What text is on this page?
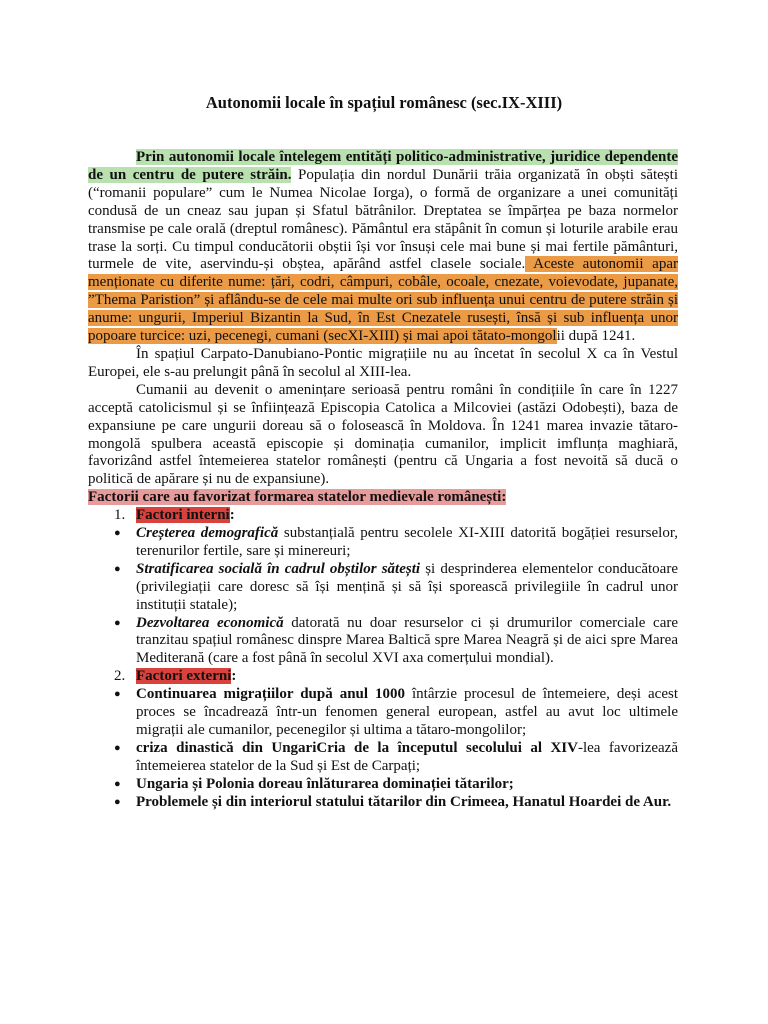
Autonomii locale în spațiul românesc (sec.IX-XIII)

Prin autonomii locale întelegem entități politico-administrative, juridice dependente de un centru de putere străin. Populația din nordul Dunării trăia organizată în obști sătești (“romanii populare” cum le Numea Nicolae Iorga), o formă de organizare a unei comunități condusă de un cneaz sau jupan și Sfatul bătrânilor. Dreptatea se împărțea pe baza normelor transmise pe cale orală (dreptul românesc). Pământul era stăpânit în comun și loturile arabile erau trase la sorți. Cu timpul conducătorii obștii își vor însuși cele mai bune și mai fertile pământuri, turmele de vite, aservindu-și obștea, apărând astfel clasele sociale. Aceste autonomii apar menționate cu diferite nume: țări, codri, câmpuri, cobâle, ocoale, cnezate, voievodate, jupanate, ”Thema Paristion” și aflându-se de cele mai multe ori sub influența unui centru de putere străin și anume: ungurii, Imperiul Bizantin la Sud, în Est Cnezatele rusești, însă și sub influența unor popoare turcice: uzi, pecenegi, cumani (secXI-XIII) și mai apoi tătato-mongolii după 1241.

În spațiul Carpato-Danubiano-Pontic migrațiile nu au încetat în secolul X ca în Vestul Europei, ele s-au prelungit până în secolul al XIII-lea.

Cumanii au devenit o amenințare serioasă pentru români în condițiile în care în 1227 acceptă catolicismul și se înființează Episcopia Catolica a Milcoviei (astăzi Odobești), baza de expansiune pe care ungurii doreau să o folosească în Moldova. În 1241 marea invazie tătaro-mongolă spulbera această episcopie și dominația cumanilor, implicit imflunța maghiară, favorizând astfel întemeierea statelor românești (pentru că Ungaria a fost nevoită să ducă o politică de apărare și nu de expansiune).

Factorii care au favorizat formarea statelor medievale românești:

1. Factori interni:
● Creșterea demografică substanțială pentru secolele XI-XIII datorită bogăției resurselor, terenurilor fertile, sare și minereuri;
● Stratificarea socială în cadrul obștilor sătești și desprinderea elementelor conducătoare (privilegiații care doresc să își mențină și să își sporească privilegiile în cadrul unor instituții statale);
● Dezvoltarea economică datorată nu doar resurselor ci și drumurilor comerciale care tranzitau spațiul românesc dinspre Marea Baltică spre Marea Neagră și de aici spre Marea Mediterană (care a fost până în secolul XVI axa comerțului mondial).
2. Factori externi:
● Continuarea migrațiilor după anul 1000 întârzie procesul de întemeiere, deși acest proces se încadrează într-un fenomen general european, astfel au avut loc ultimele migrații ale cumanilor, pecenegilor și ultima a tătaro-mongolilor;
● criza dinastică din UngariCria de la începutul secolului al XIV-lea favorizează întemeierea statelor de la Sud și Est de Carpați;
● Ungaria și Polonia doreau înlăturarea dominației tătarilor;
● Problemele și din interiorul statului tătarilor din Crimeea, Hanatul Hoardei de Aur.
